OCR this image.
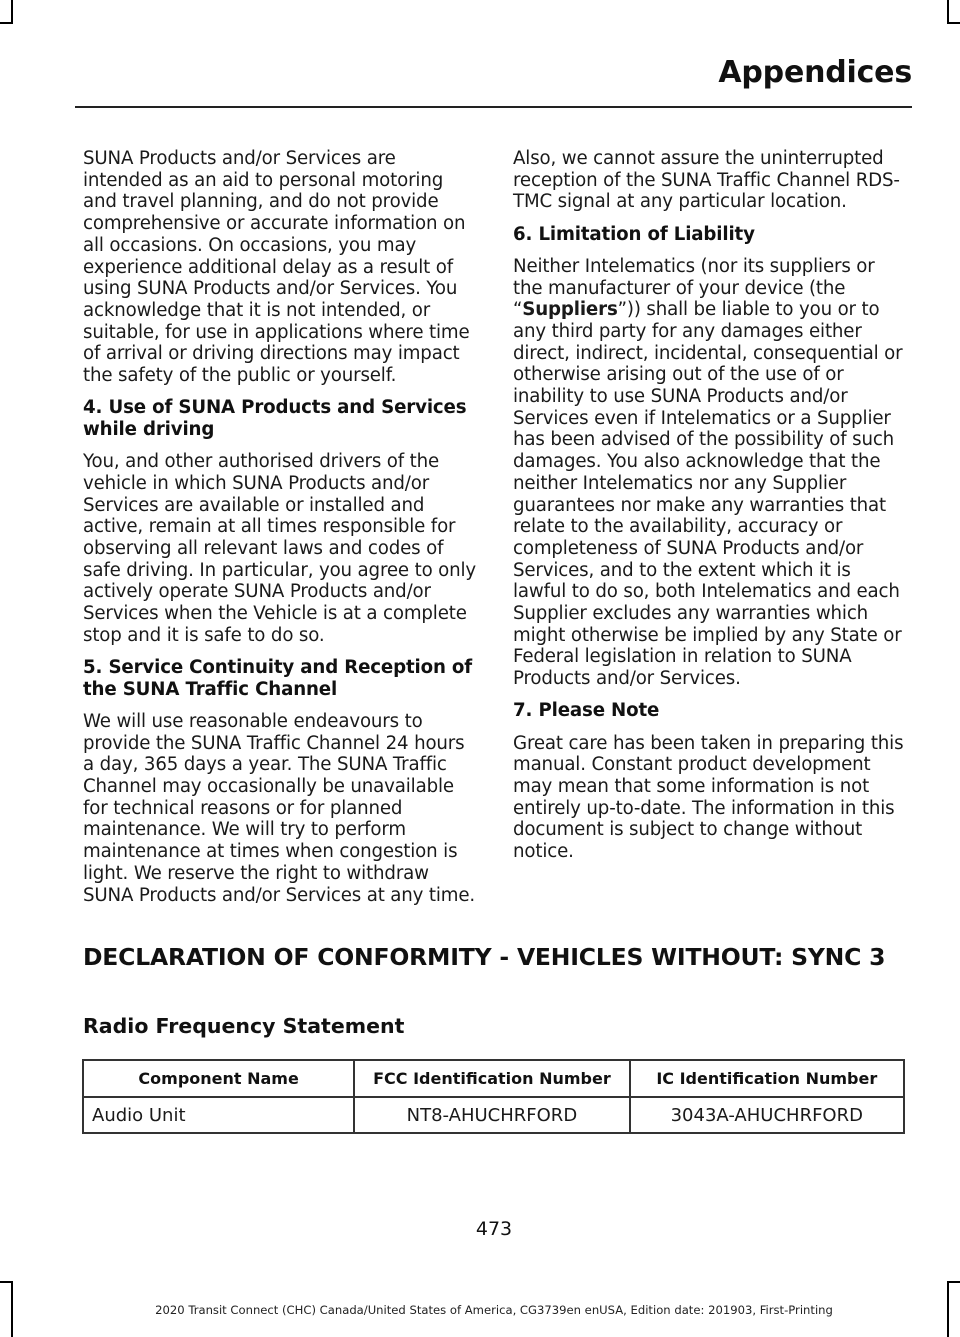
Appendices

SUNA Products and/or Services are intended as an aid to personal motoring and travel planning, and do not provide comprehensive or accurate information on all occasions. On occasions, you may experience additional delay as a result of using SUNA Products and/or Services. You acknowledge that it is not intended, or suitable, for use in applications where time of arrival or driving directions may impact the safety of the public or yourself.

4. Use of SUNA Products and Services while driving

You, and other authorised drivers of the vehicle in which SUNA Products and/or Services are available or installed and active, remain at all times responsible for observing all relevant laws and codes of safe driving. In particular, you agree to only actively operate SUNA Products and/or Services when the Vehicle is at a complete stop and it is safe to do so.

5. Service Continuity and Reception of the SUNA Traffic Channel

We will use reasonable endeavours to provide the SUNA Traffic Channel 24 hours a day, 365 days a year. The SUNA Traffic Channel may occasionally be unavailable for technical reasons or for planned maintenance. We will try to perform maintenance at times when congestion is light. We reserve the right to withdraw SUNA Products and/or Services at any time.

Also, we cannot assure the uninterrupted reception of the SUNA Traffic Channel RDS-TMC signal at any particular location.

6. Limitation of Liability

Neither Intelematics (nor its suppliers or the manufacturer of your device (the “Suppliers”)) shall be liable to you or to any third party for any damages either direct, indirect, incidental, consequential or otherwise arising out of the use of or inability to use SUNA Products and/or Services even if Intelematics or a Supplier has been advised of the possibility of such damages. You also acknowledge that the neither Intelematics nor any Supplier guarantees nor make any warranties that relate to the availability, accuracy or completeness of SUNA Products and/or Services, and to the extent which it is lawful to do so, both Intelematics and each Supplier excludes any warranties which might otherwise be implied by any State or Federal legislation in relation to SUNA Products and/or Services.

7. Please Note

Great care has been taken in preparing this manual. Constant product development may mean that some information is not entirely up-to-date. The information in this document is subject to change without notice.

DECLARATION OF CONFORMITY - VEHICLES WITHOUT: SYNC 3
Radio Frequency Statement
Component Name	FCC Identification Number	IC Identification Number
Audio Unit	NT8-AHUCHRFORD	3043A-AHUCHRFORD
473
2020 Transit Connect (CHC) Canada/United States of America, CG3739en enUSA, Edition date: 201903, First-Printing
